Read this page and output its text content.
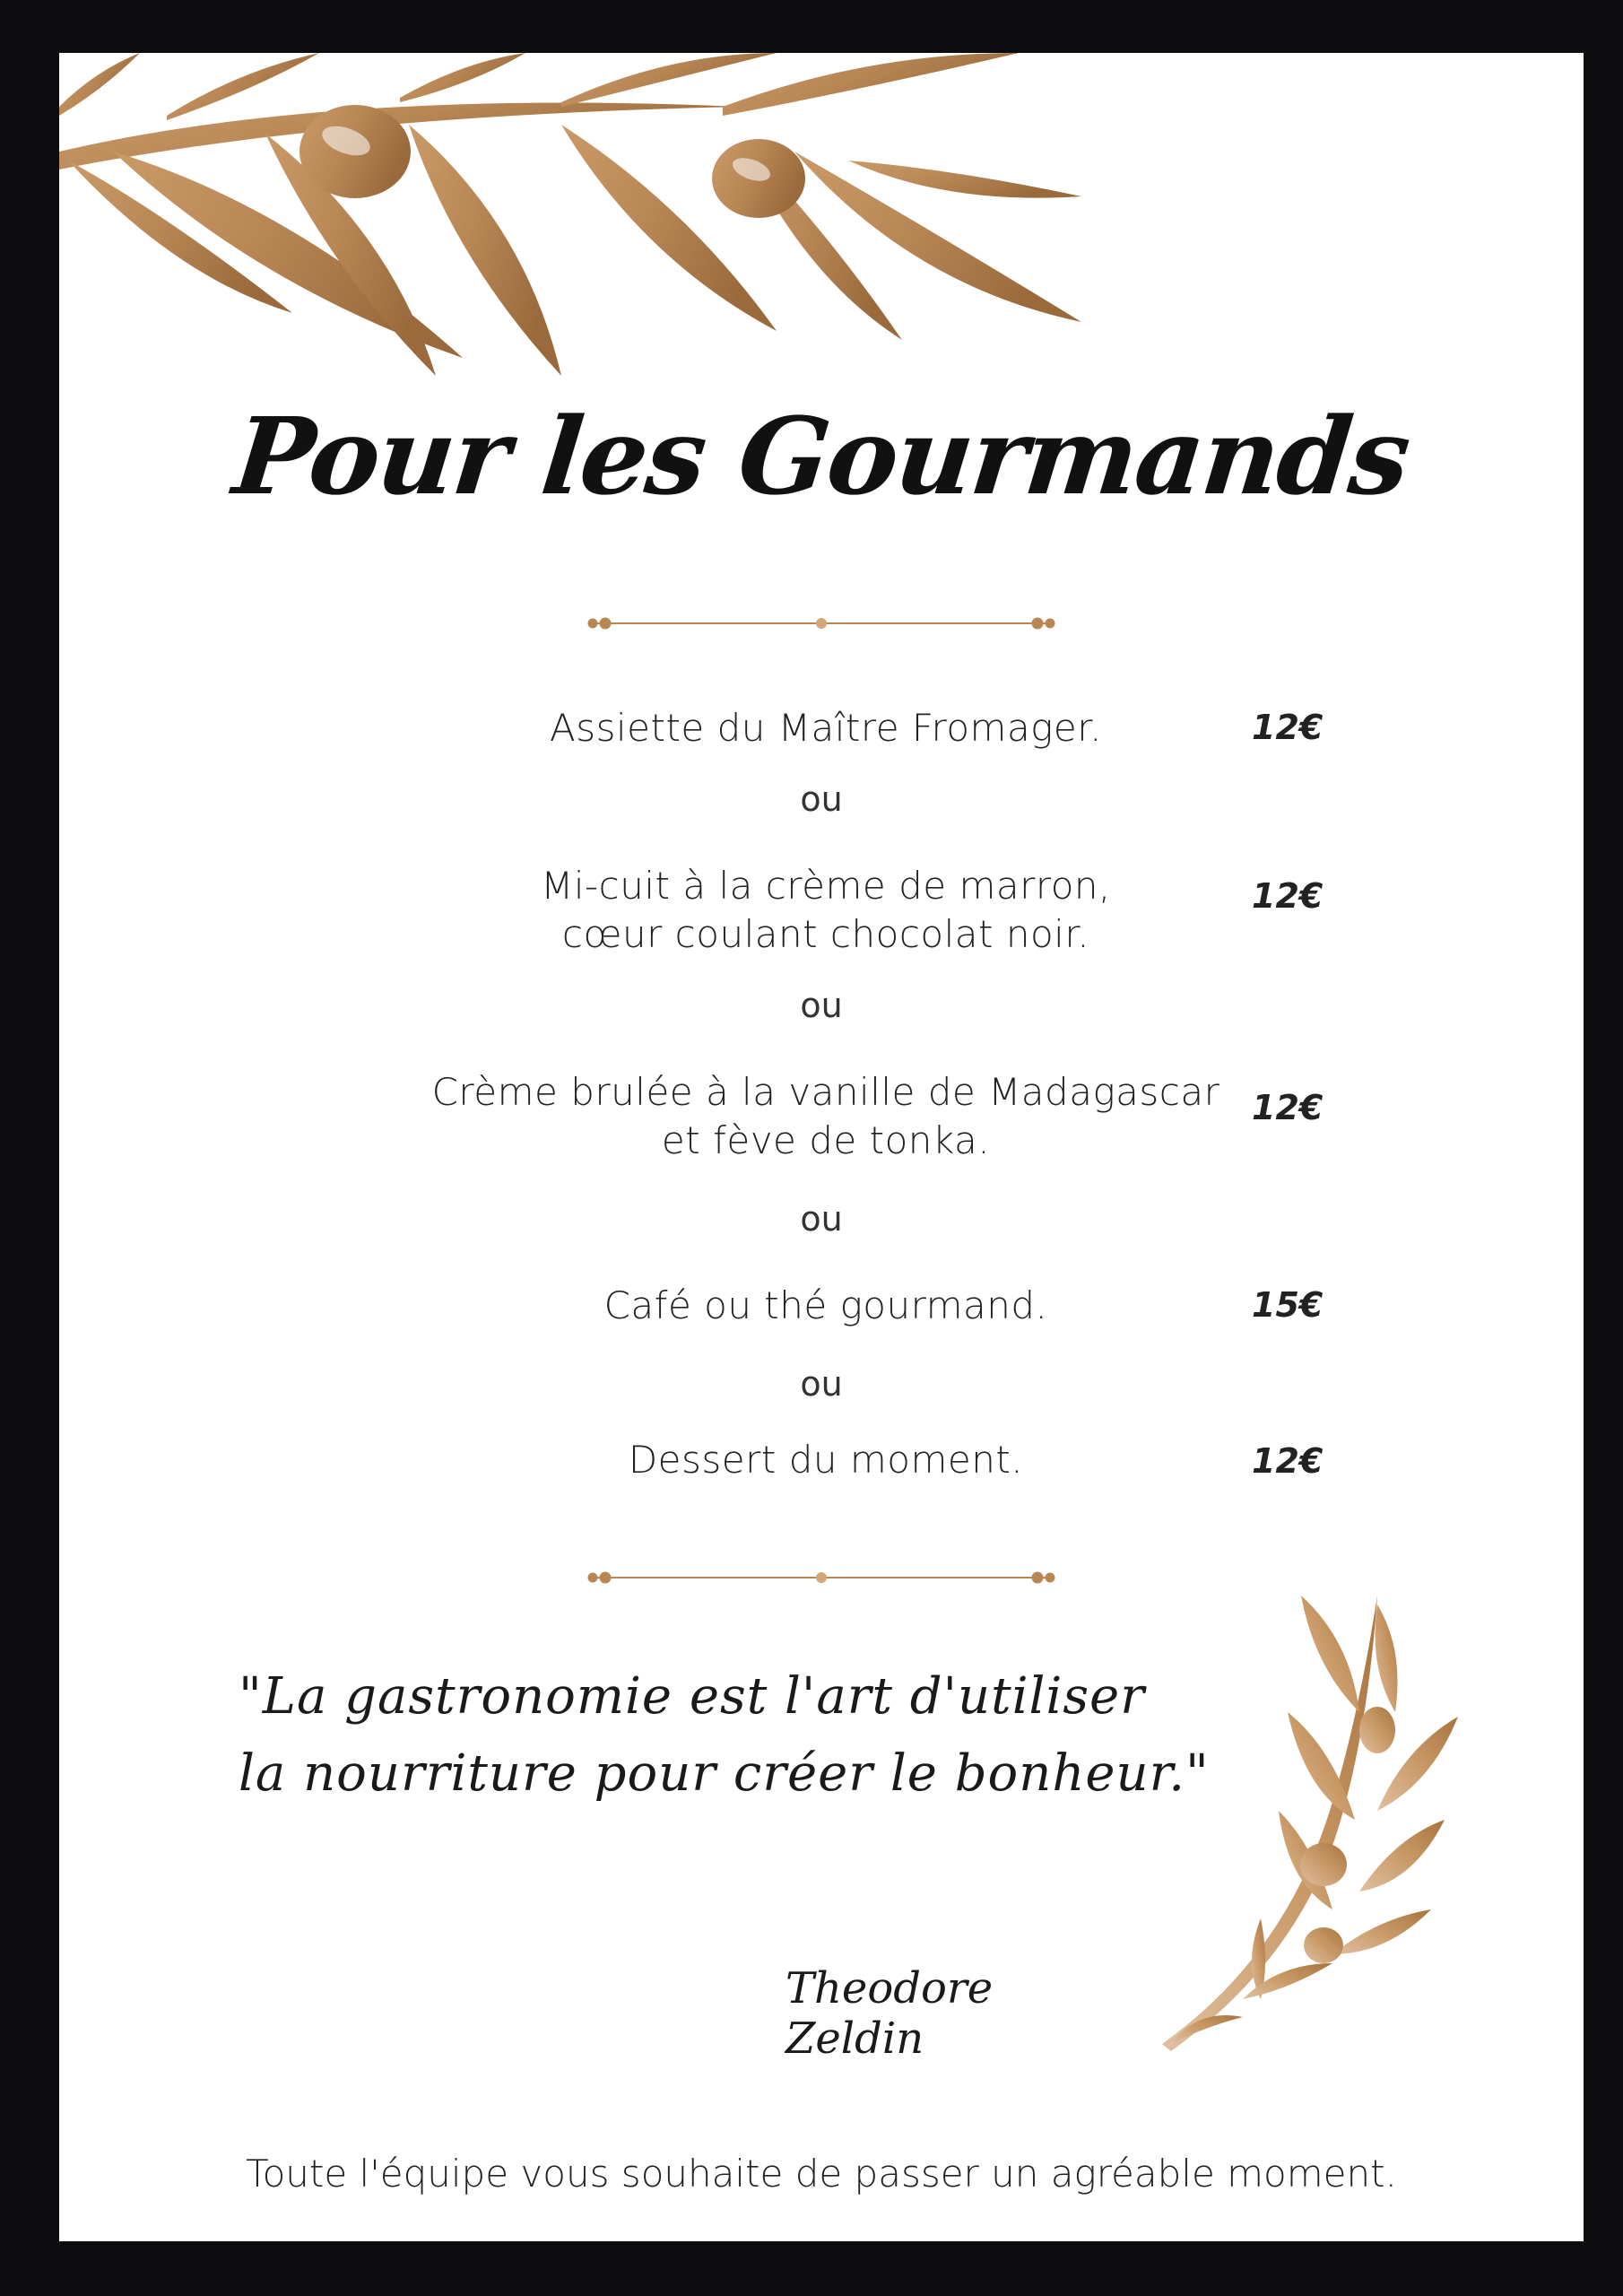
Pour les Gourmands
Assiette du Maître Fromager.	12€
ou
Mi-cuit à la crème de marron,
cœur coulant chocolat noir.
12€
ou
Crème brulée à la vanille de Madagascar
et fève de tonka.
12€
ou
Café ou thé gourmand.	15€
ou
Dessert du moment.	12€
"La gastronomie est l'art d'utiliser
la nourriture pour créer le bonheur."
Theodore Zeldin
Toute l'équipe vous souhaite de passer un agréable moment.
